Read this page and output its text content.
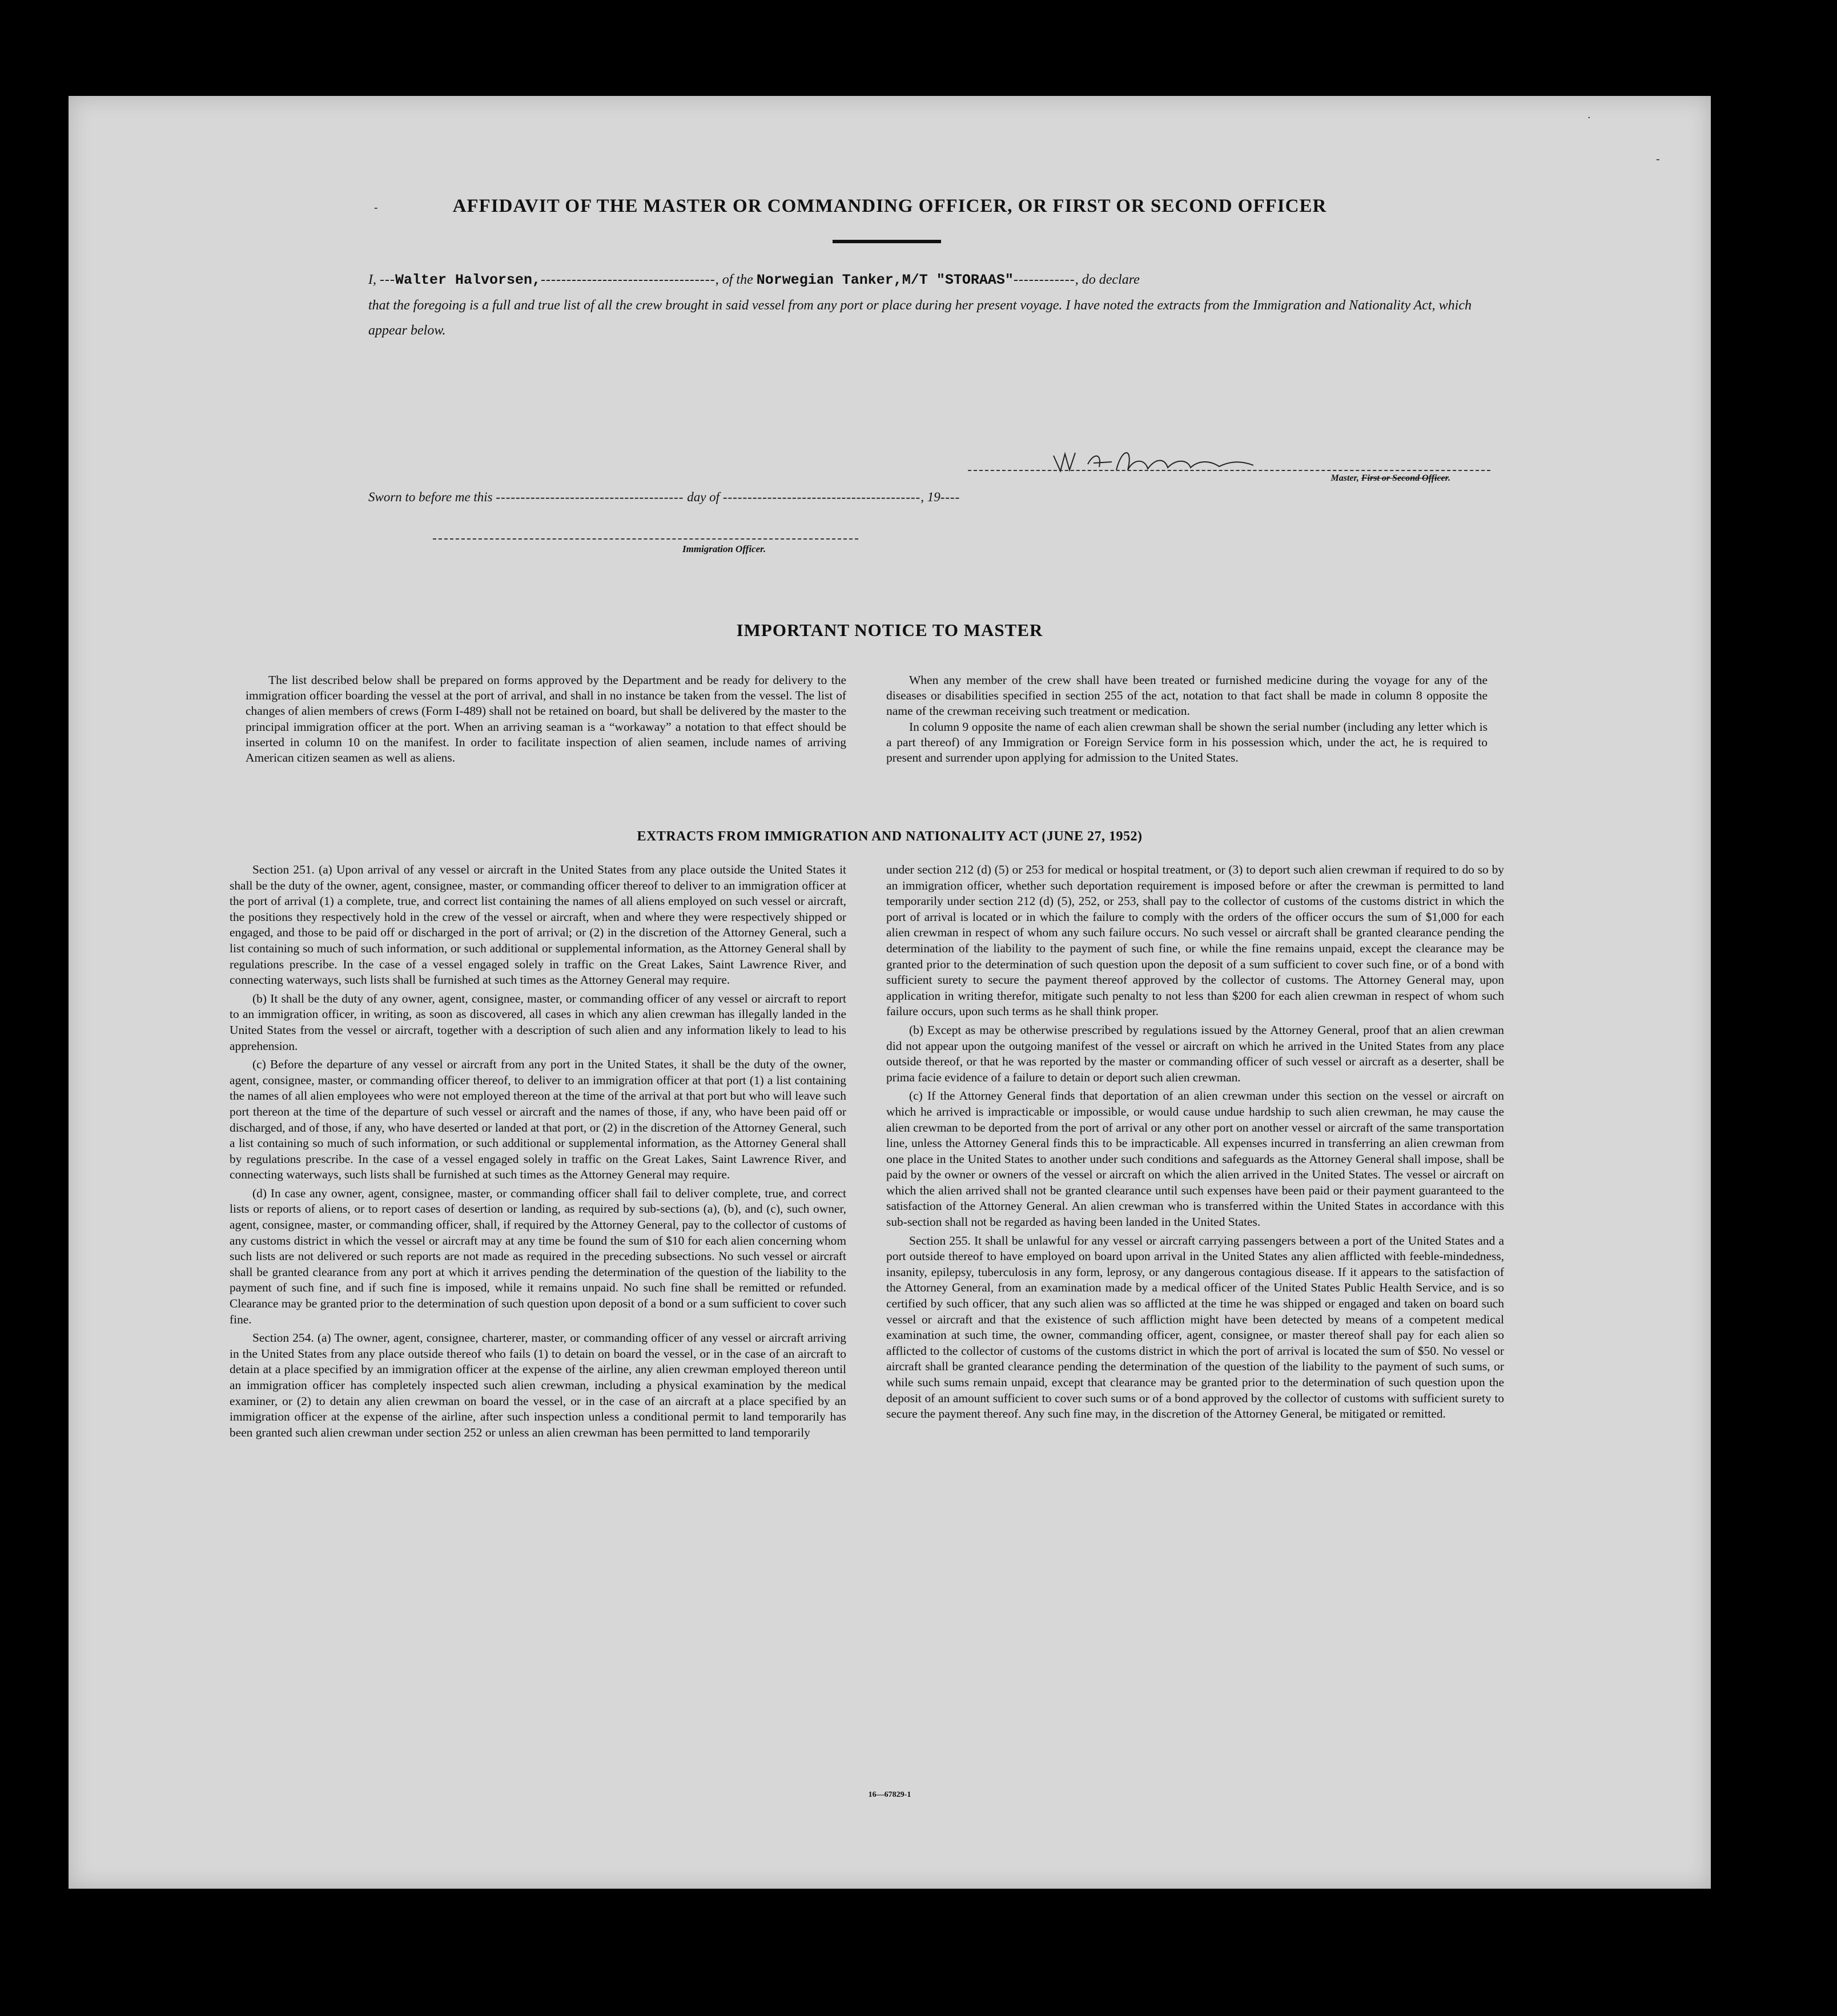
-
.
-
AFFIDAVIT OF THE MASTER OR COMMANDING OFFICER, OR FIRST OR SECOND OFFICER
I, ---Walter Halvorsen,----------------------------------, of the Norwegian Tanker,M/T "STORAAS"------------, do declare
that the foregoing is a full and true list of all the crew brought in said vessel from any port or place during her present voyage. I have noted the extracts from the Immigration and Nationality Act, which appear below.
Master, First or Second Officer.
Sworn to before me this -------------------------------------- day of ----------------------------------------, 19----
Immigration Officer.
IMPORTANT NOTICE TO MASTER

The list described below shall be prepared on forms approved by the Department and be ready for delivery to the immigration officer boarding the vessel at the port of arrival, and shall in no instance be taken from the vessel. The list of changes of alien members of crews (Form I-489) shall not be retained on board, but shall be delivered by the master to the principal immigration officer at the port. When an arriving seaman is a “workaway” a notation to that effect should be inserted in column 10 on the manifest. In order to facilitate inspection of alien seamen, include names of arriving American citizen seamen as well as aliens.

When any member of the crew shall have been treated or furnished medicine during the voyage for any of the diseases or disabilities specified in section 255 of the act, notation to that fact shall be made in column 8 opposite the name of the crewman receiving such treatment or medication.

In column 9 opposite the name of each alien crewman shall be shown the serial number (including any letter which is a part thereof) of any Immigration or Foreign Service form in his possession which, under the act, he is required to present and surrender upon applying for admission to the United States.

EXTRACTS FROM IMMIGRATION AND NATIONALITY ACT (JUNE 27, 1952)

Section 251. (a) Upon arrival of any vessel or aircraft in the United States from any place outside the United States it shall be the duty of the owner, agent, consignee, master, or commanding officer thereof to deliver to an immigration officer at the port of arrival (1) a complete, true, and correct list containing the names of all aliens employed on such vessel or aircraft, the positions they respectively hold in the crew of the vessel or aircraft, when and where they were respectively shipped or engaged, and those to be paid off or discharged in the port of arrival; or (2) in the discretion of the Attorney General, such a list containing so much of such information, or such additional or supplemental information, as the Attorney General shall by regulations prescribe. In the case of a vessel engaged solely in traffic on the Great Lakes, Saint Lawrence River, and connecting waterways, such lists shall be furnished at such times as the Attorney General may require.

(b) It shall be the duty of any owner, agent, consignee, master, or commanding officer of any vessel or aircraft to report to an immigration officer, in writing, as soon as discovered, all cases in which any alien crewman has illegally landed in the United States from the vessel or aircraft, together with a description of such alien and any information likely to lead to his apprehension.

(c) Before the departure of any vessel or aircraft from any port in the United States, it shall be the duty of the owner, agent, consignee, master, or commanding officer thereof, to deliver to an immigration officer at that port (1) a list containing the names of all alien employees who were not employed thereon at the time of the arrival at that port but who will leave such port thereon at the time of the departure of such vessel or aircraft and the names of those, if any, who have been paid off or discharged, and of those, if any, who have deserted or landed at that port, or (2) in the discretion of the Attorney General, such a list containing so much of such information, or such additional or supplemental information, as the Attorney General shall by regulations prescribe. In the case of a vessel engaged solely in traffic on the Great Lakes, Saint Lawrence River, and connecting waterways, such lists shall be furnished at such times as the Attorney General may require.

(d) In case any owner, agent, consignee, master, or commanding officer shall fail to deliver complete, true, and correct lists or reports of aliens, or to report cases of desertion or landing, as required by sub-sections (a), (b), and (c), such owner, agent, consignee, master, or commanding officer, shall, if required by the Attorney General, pay to the collector of customs of any customs district in which the vessel or aircraft may at any time be found the sum of $10 for each alien concerning whom such lists are not delivered or such reports are not made as required in the preceding subsections. No such vessel or aircraft shall be granted clearance from any port at which it arrives pending the determination of the question of the liability to the payment of such fine, and if such fine is imposed, while it remains unpaid. No such fine shall be remitted or refunded. Clearance may be granted prior to the determination of such question upon deposit of a bond or a sum sufficient to cover such fine.

Section 254. (a) The owner, agent, consignee, charterer, master, or commanding officer of any vessel or aircraft arriving in the United States from any place outside thereof who fails (1) to detain on board the vessel, or in the case of an aircraft to detain at a place specified by an immigration officer at the expense of the airline, any alien crewman employed thereon until an immigration officer has completely inspected such alien crewman, including a physical examination by the medical examiner, or (2) to detain any alien crewman on board the vessel, or in the case of an aircraft at a place specified by an immigration officer at the expense of the airline, after such inspection unless a conditional permit to land temporarily has been granted such alien crewman under section 252 or unless an alien crewman has been permitted to land temporarily

under section 212 (d) (5) or 253 for medical or hospital treatment, or (3) to deport such alien crewman if required to do so by an immigration officer, whether such deportation requirement is imposed before or after the crewman is permitted to land temporarily under section 212 (d) (5), 252, or 253, shall pay to the collector of customs of the customs district in which the port of arrival is located or in which the failure to comply with the orders of the officer occurs the sum of $1,000 for each alien crewman in respect of whom any such failure occurs. No such vessel or aircraft shall be granted clearance pending the determination of the liability to the payment of such fine, or while the fine remains unpaid, except the clearance may be granted prior to the determination of such question upon the deposit of a sum sufficient to cover such fine, or of a bond with sufficient surety to secure the payment thereof approved by the collector of customs. The Attorney General may, upon application in writing therefor, mitigate such penalty to not less than $200 for each alien crewman in respect of whom such failure occurs, upon such terms as he shall think proper.

(b) Except as may be otherwise prescribed by regulations issued by the Attorney General, proof that an alien crewman did not appear upon the outgoing manifest of the vessel or aircraft on which he arrived in the United States from any place outside thereof, or that he was reported by the master or commanding officer of such vessel or aircraft as a deserter, shall be prima facie evidence of a failure to detain or deport such alien crewman.

(c) If the Attorney General finds that deportation of an alien crewman under this section on the vessel or aircraft on which he arrived is impracticable or impossible, or would cause undue hardship to such alien crewman, he may cause the alien crewman to be deported from the port of arrival or any other port on another vessel or aircraft of the same transportation line, unless the Attorney General finds this to be impracticable. All expenses incurred in transferring an alien crewman from one place in the United States to another under such conditions and safeguards as the Attorney General shall impose, shall be paid by the owner or owners of the vessel or aircraft on which the alien arrived in the United States. The vessel or aircraft on which the alien arrived shall not be granted clearance until such expenses have been paid or their payment guaranteed to the satisfaction of the Attorney General. An alien crewman who is transferred within the United States in accordance with this sub-section shall not be regarded as having been landed in the United States.

Section 255. It shall be unlawful for any vessel or aircraft carrying passengers between a port of the United States and a port outside thereof to have employed on board upon arrival in the United States any alien afflicted with feeble-mindedness, insanity, epilepsy, tuberculosis in any form, leprosy, or any dangerous contagious disease. If it appears to the satisfaction of the Attorney General, from an examination made by a medical officer of the United States Public Health Service, and is so certified by such officer, that any such alien was so afflicted at the time he was shipped or engaged and taken on board such vessel or aircraft and that the existence of such affliction might have been detected by means of a competent medical examination at such time, the owner, commanding officer, agent, consignee, or master thereof shall pay for each alien so afflicted to the collector of customs of the customs district in which the port of arrival is located the sum of $50. No vessel or aircraft shall be granted clearance pending the determination of the question of the liability to the payment of such sums, or while such sums remain unpaid, except that clearance may be granted prior to the determination of such question upon the deposit of an amount sufficient to cover such sums or of a bond approved by the collector of customs with sufficient surety to secure the payment thereof. Any such fine may, in the discretion of the Attorney General, be mitigated or remitted.

16—67829-1
